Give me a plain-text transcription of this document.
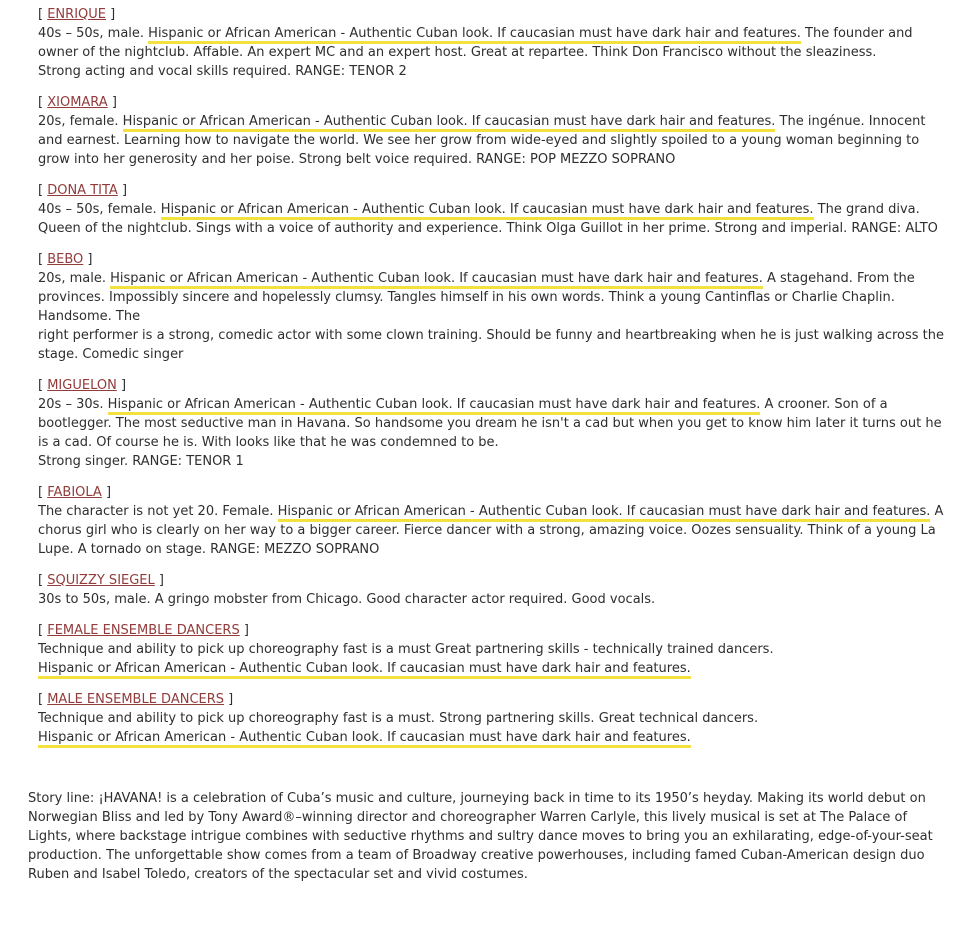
[ ENRIQUE ]

40s – 50s, male. Hispanic or African American - Authentic Cuban look. If caucasian must have dark hair and features. The founder and owner of the nightclub. Affable. An expert MC and an expert host. Great at repartee. Think Don Francisco without the sleaziness.
Strong acting and vocal skills required. RANGE: TENOR 2

[ XIOMARA ]

20s, female. Hispanic or African American - Authentic Cuban look. If caucasian must have dark hair and features. The ingénue. Innocent and earnest. Learning how to navigate the world. We see her grow from wide-eyed and slightly spoiled to a young woman beginning to grow into her generosity and her poise. Strong belt voice required. RANGE: POP MEZZO SOPRANO

[ DONA TITA ]

40s – 50s, female. Hispanic or African American - Authentic Cuban look. If caucasian must have dark hair and features. The grand diva. Queen of the nightclub. Sings with a voice of authority and experience. Think Olga Guillot in her prime. Strong and imperial. RANGE: ALTO

[ BEBO ]

20s, male. Hispanic or African American - Authentic Cuban look. If caucasian must have dark hair and features. A stagehand. From the provinces. Impossibly sincere and hopelessly clumsy. Tangles himself in his own words. Think a young Cantinflas or Charlie Chaplin. Handsome. The
right performer is a strong, comedic actor with some clown training. Should be funny and heartbreaking when he is just walking across the stage. Comedic singer

[ MIGUELON ]

20s – 30s. Hispanic or African American - Authentic Cuban look. If caucasian must have dark hair and features. A crooner. Son of a bootlegger. The most seductive man in Havana. So handsome you dream he isn't a cad but when you get to know him later it turns out he is a cad. Of course he is. With looks like that he was condemned to be.
Strong singer. RANGE: TENOR 1

[ FABIOLA ]

The character is not yet 20. Female. Hispanic or African American - Authentic Cuban look. If caucasian must have dark hair and features. A chorus girl who is clearly on her way to a bigger career. Fierce dancer with a strong, amazing voice. Oozes sensuality. Think of a young La Lupe. A tornado on stage. RANGE: MEZZO SOPRANO

[ SQUIZZY SIEGEL ]

30s to 50s, male. A gringo mobster from Chicago. Good character actor required. Good vocals.

[ FEMALE ENSEMBLE DANCERS ]

Technique and ability to pick up choreography fast is a must Great partnering skills - technically trained dancers.
Hispanic or African American - Authentic Cuban look. If caucasian must have dark hair and features.

[ MALE ENSEMBLE DANCERS ]

Technique and ability to pick up choreography fast is a must. Strong partnering skills. Great technical dancers.
Hispanic or African American - Authentic Cuban look. If caucasian must have dark hair and features.

Story line: ¡HAVANA! is a celebration of Cuba’s music and culture, journeying back in time to its 1950’s heyday. Making its world debut on Norwegian Bliss and led by Tony Award®–winning director and choreographer Warren Carlyle, this lively musical is set at The Palace of Lights, where backstage intrigue combines with seductive rhythms and sultry dance moves to bring you an exhilarating, edge-of-your-seat production. The unforgettable show comes from a team of Broadway creative powerhouses, including famed Cuban-American design duo Ruben and Isabel Toledo, creators of the spectacular set and vivid costumes.
